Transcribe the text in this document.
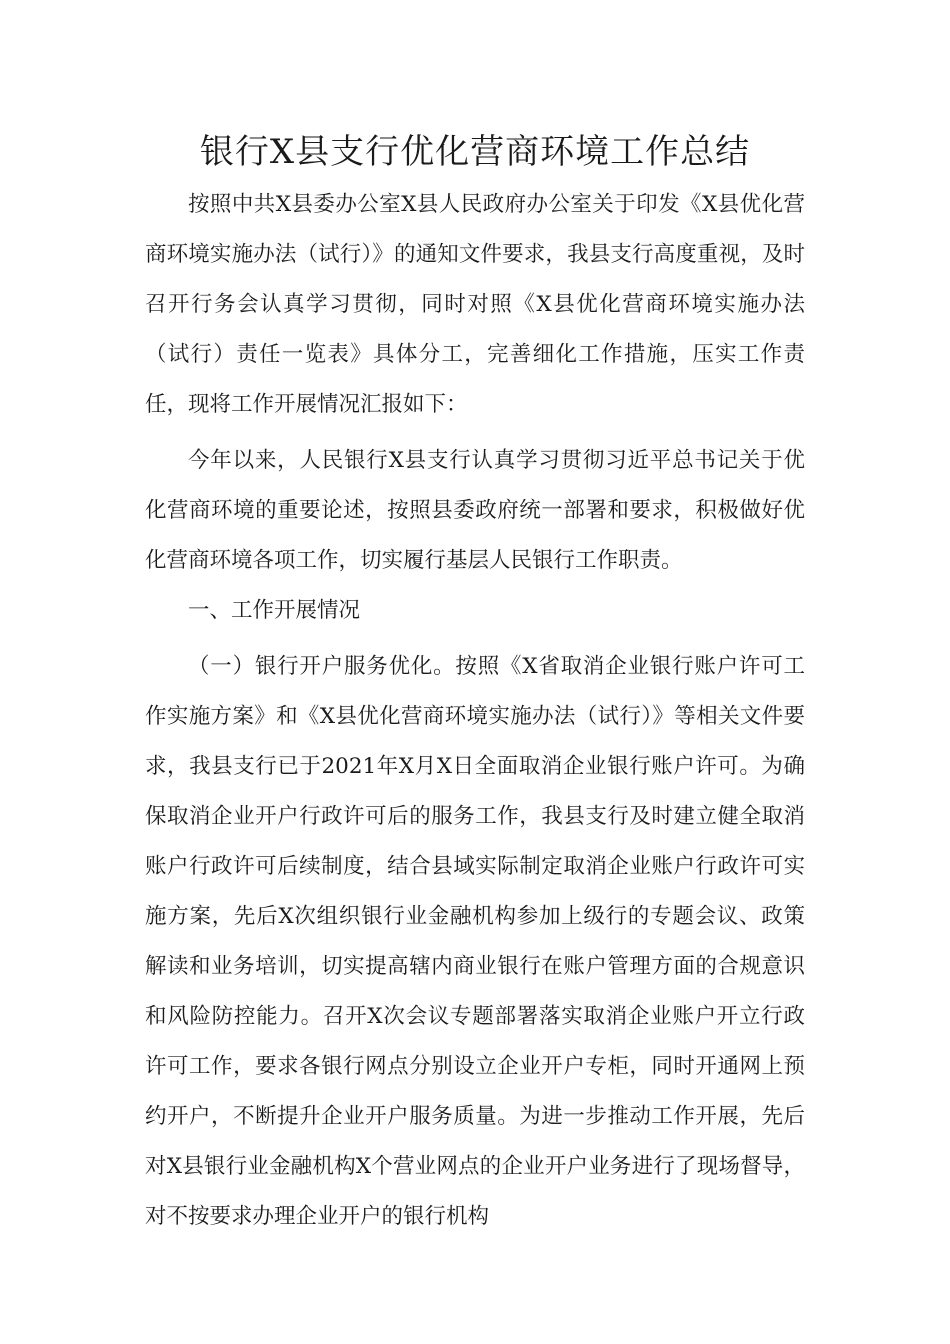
银行X县支行优化营商环境工作总结

按照中共X县委办公室X县人民政府办公室关于印发《X县优化营商环境实施办法（试行）》的通知文件要求，我县支行高度重视，及时召开行务会认真学习贯彻，同时对照《X县优化营商环境实施办法（试行）责任一览表》具体分工，完善细化工作措施，压实工作责任，现将工作开展情况汇报如下：

今年以来，人民银行X县支行认真学习贯彻习近平总书记关于优化营商环境的重要论述，按照县委政府统一部署和要求，积极做好优化营商环境各项工作，切实履行基层人民银行工作职责。

一、工作开展情况

（一）银行开户服务优化。按照《X省取消企业银行账户许可工作实施方案》和《X县优化营商环境实施办法（试行）》等相关文件要求，我县支行已于2021年X月X日全面取消企业银行账户许可。为确保取消企业开户行政许可后的服务工作，我县支行及时建立健全取消账户行政许可后续制度，结合县域实际制定取消企业账户行政许可实施方案，先后X次组织银行业金融机构参加上级行的专题会议、政策解读和业务培训，切实提高辖内商业银行在账户管理方面的合规意识和风险防控能力。召开X次会议专题部署落实取消企业账户开立行政许可工作，要求各银行网点分别设立企业开户专柜，同时开通网上预约开户，不断提升企业开户服务质量。为进一步推动工作开展，先后对X县银行业金融机构X个营业网点的企业开户业务进行了现场督导，对不按要求办理企业开户的银行机构
